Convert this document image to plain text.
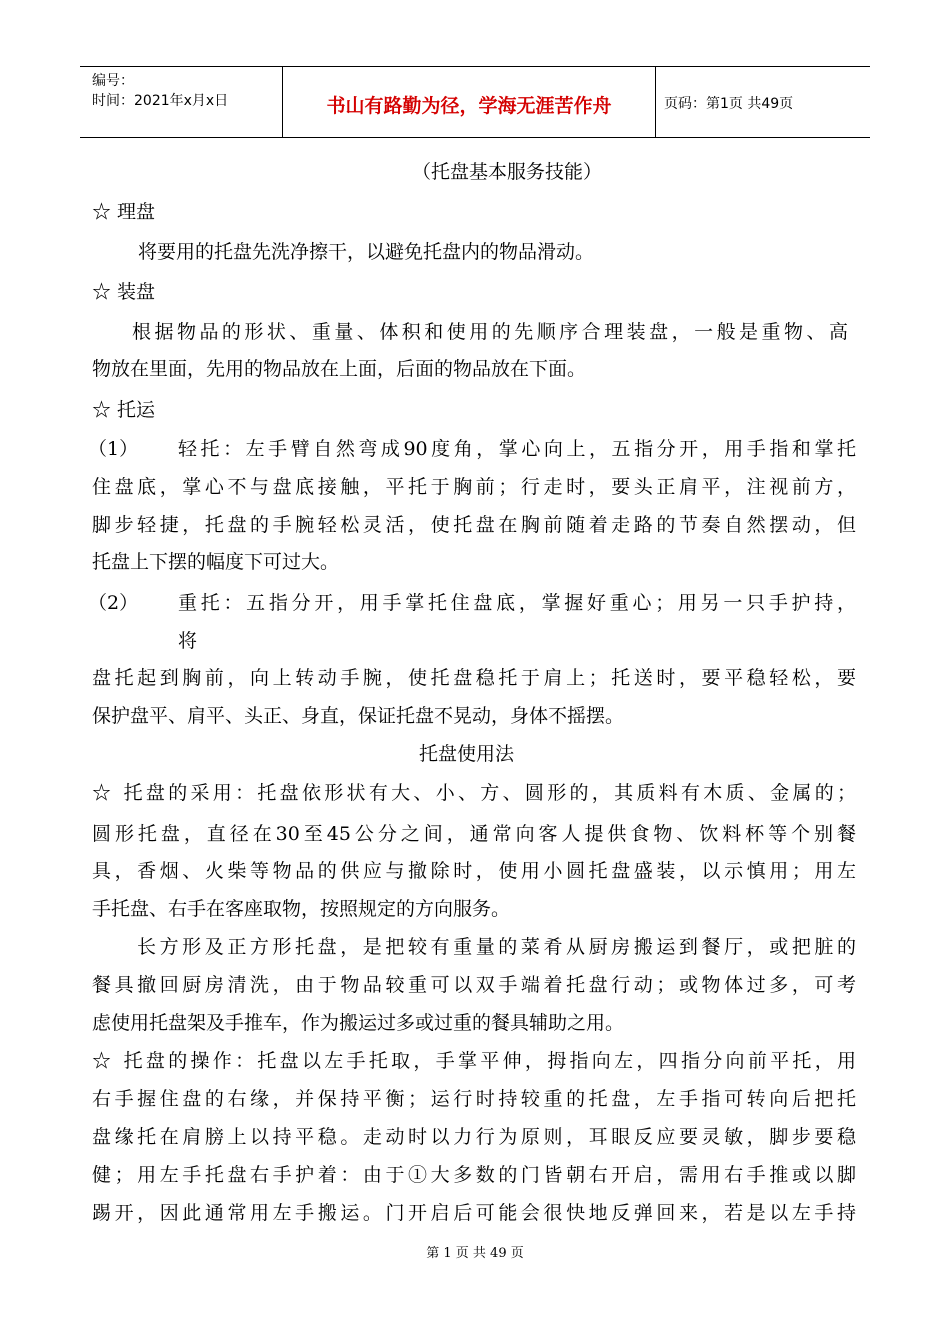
编号：
时间：2021年x月x日	书山有路勤为径，学海无涯苦作舟	页码：第1页 共49页
（托盘基本服务技能）
☆ 理盘
将要用的托盘先洗净擦干，以避免托盘内的物品滑动。
☆ 装盘
根据物品的形状、重量、体积和使用的先顺序合理装盘，一般是重物、高
物放在里面，先用的物品放在上面，后面的物品放在下面。
☆ 托运
（1） 轻托：左手臂自然弯成90度角，掌心向上，五指分开，用手指和掌托
住盘底，掌心不与盘底接触，平托于胸前；行走时，要头正肩平，注视前方，
脚步轻捷，托盘的手腕轻松灵活，使托盘在胸前随着走路的节奏自然摆动，但
托盘上下摆的幅度下可过大。
（2） 重托：五指分开，用手掌托住盘底，掌握好重心；用另一只手护持，
将
盘托起到胸前，向上转动手腕，使托盘稳托于肩上；托送时，要平稳轻松，要
保护盘平、肩平、头正、身直，保证托盘不晃动，身体不摇摆。
托盘使用法
☆ 托盘的采用：托盘依形状有大、小、方、圆形的，其质料有木质、金属的；
圆形托盘，直径在30至45公分之间，通常向客人提供食物、饮料杯等个别餐
具，香烟、火柴等物品的供应与撤除时，使用小圆托盘盛装，以示慎用；用左
手托盘、右手在客座取物，按照规定的方向服务。
长方形及正方形托盘，是把较有重量的菜肴从厨房搬运到餐厅，或把脏的
餐具撤回厨房清洗，由于物品较重可以双手端着托盘行动；或物体过多，可考
虑使用托盘架及手推车，作为搬运过多或过重的餐具辅助之用。
☆ 托盘的操作：托盘以左手托取，手掌平伸，拇指向左，四指分向前平托，用
右手握住盘的右缘，并保持平衡；运行时持较重的托盘，左手指可转向后把托
盘缘托在肩膀上以持平稳。走动时以力行为原则，耳眼反应要灵敏，脚步要稳
健；用左手托盘右手护着：由于①大多数的门皆朝右开启，需用右手推或以脚
踢开，因此通常用左手搬运。门开启后可能会很快地反弹回来，若是以左手持
第 1 页 共 49 页
